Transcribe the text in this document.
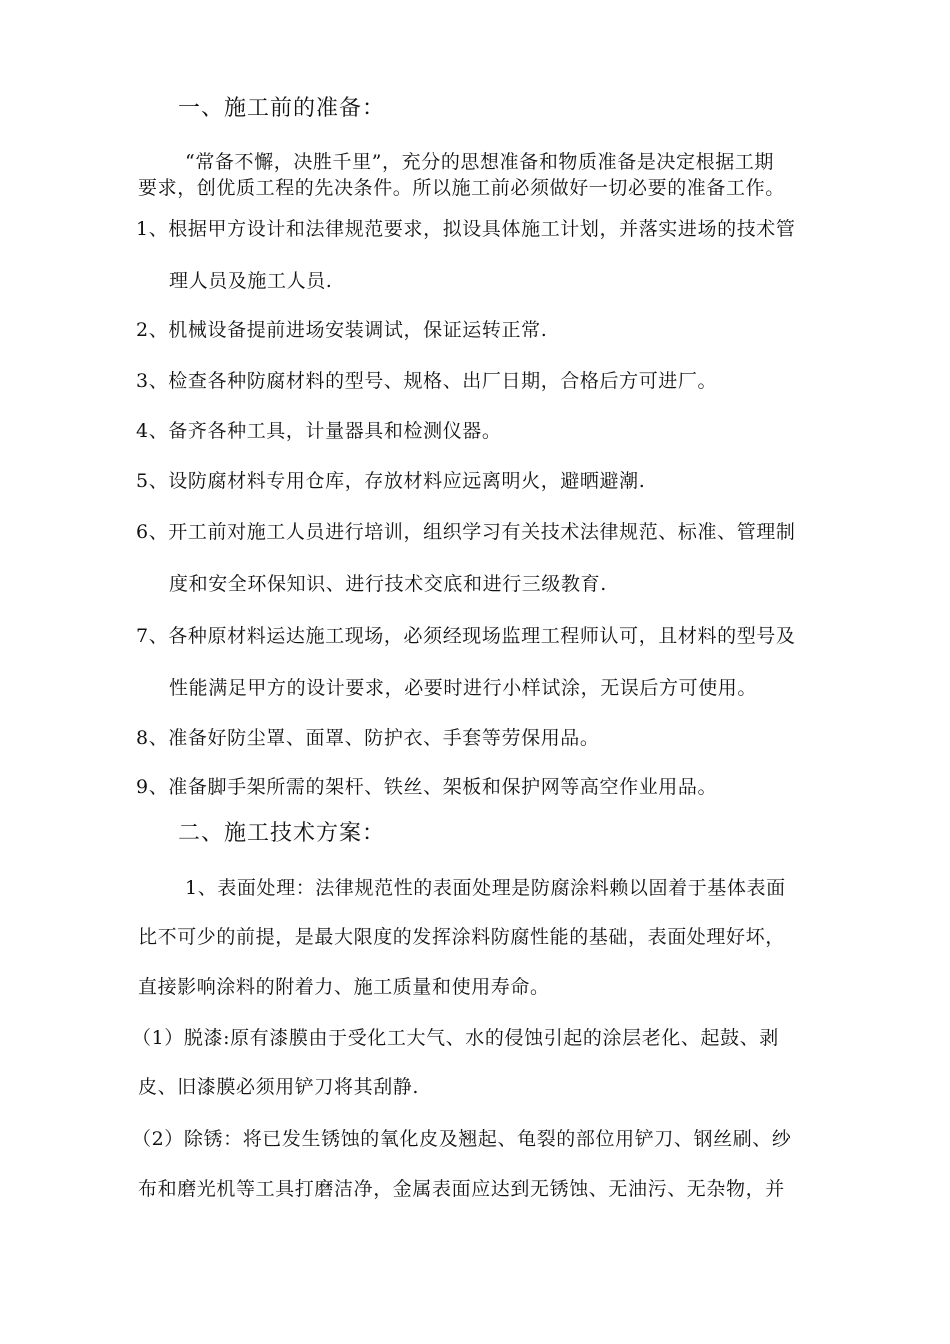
一、施工前的准备：
“常备不懈，决胜千里”，充分的思想准备和物质准备是决定根据工期
要求，创优质工程的先决条件。所以施工前必须做好一切必要的准备工作。
1、根据甲方设计和法律规范要求，拟设具体施工计划，并落实进场的技术管
理人员及施工人员.
2、机械设备提前进场安装调试，保证运转正常.
3、检查各种防腐材料的型号、规格、出厂日期，合格后方可进厂。
4、备齐各种工具，计量器具和检测仪器。
5、设防腐材料专用仓库，存放材料应远离明火，避晒避潮.
6、开工前对施工人员进行培训，组织学习有关技术法律规范、标准、管理制
度和安全环保知识、进行技术交底和进行三级教育.
7、各种原材料运达施工现场，必须经现场监理工程师认可，且材料的型号及
性能满足甲方的设计要求，必要时进行小样试涂，无误后方可使用。
8、准备好防尘罩、面罩、防护衣、手套等劳保用品。
9、准备脚手架所需的架杆、铁丝、架板和保护网等高空作业用品。
二、施工技术方案：
1、表面处理：法律规范性的表面处理是防腐涂料赖以固着于基体表面
比不可少的前提，是最大限度的发挥涂料防腐性能的基础，表面处理好坏，
直接影响涂料的附着力、施工质量和使用寿命。
（1）脱漆:原有漆膜由于受化工大气、水的侵蚀引起的涂层老化、起鼓、剥
皮、旧漆膜必须用铲刀将其刮静.
（2）除锈：将已发生锈蚀的氧化皮及翘起、龟裂的部位用铲刀、钢丝刷、纱
布和磨光机等工具打磨洁净，金属表面应达到无锈蚀、无油污、无杂物，并
